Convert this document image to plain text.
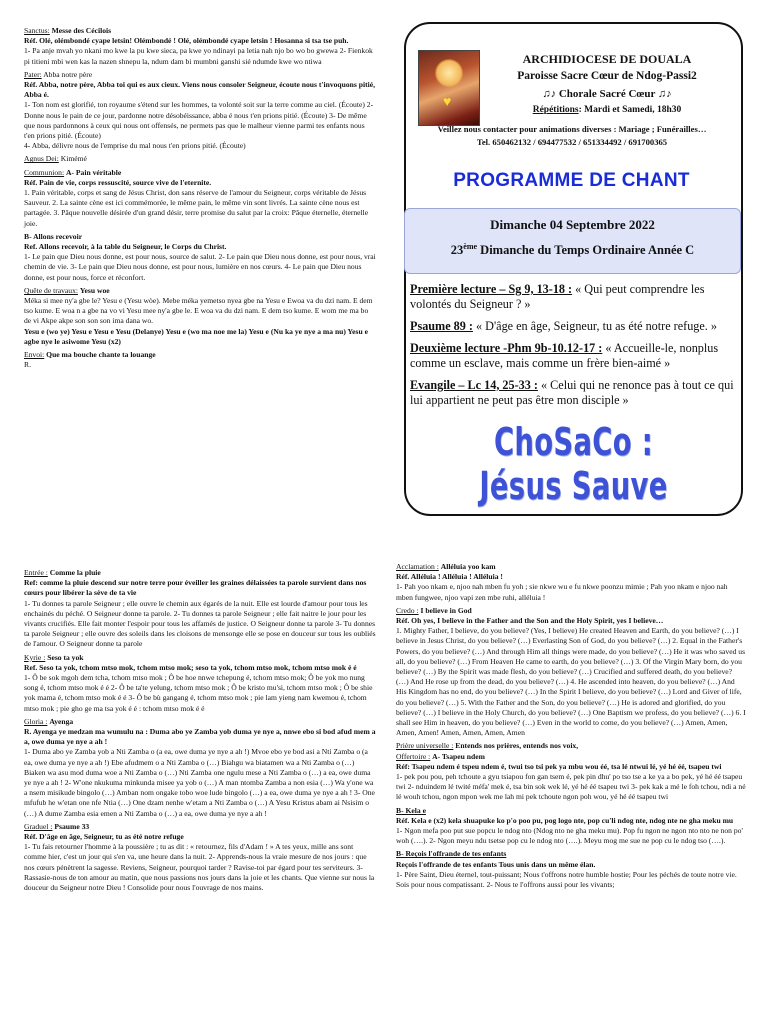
Sanctus: Messe des Cécilois
Réf. Olé, olémbondé cyape letsin! Olémbondé ! Olé, olémbondé cyape letsin ! Hosanna si tsa tse puh.
1- Pa anje mvah yo nkani mo kwe la pu kwe sieca, pa kwe yo ndinayi pa letia nah njo bo wo bo gwewa 2- Fienkok pi titieni mbi wen kas la nazen shnepu la, ndum dam bi mumbni ganshi sié ndumde kwe wo ntiwa

Pater: Abba notre père
Réf. Abba, notre père, Abba toi qui es aux cieux. Viens nous consoler Seigneur, écoute nous t'invoquons pitié, Abba é.
1- Ton nom est glorifié, ton royaume s'étend sur les hommes, ta volonté soit sur la terre comme au ciel. (Écoute) 2- Donne nous le pain de ce jour, pardonne notre désobéissance, abba é nous t'en prions pitié. (Écoute) 3- De même que nous pardonnons à ceux qui nous ont offensés, ne permets pas que le malheur vienne parmi tes enfants nous t'en prions pitié. (Écoute)
4- Abba, délivre nous de l'emprise du mal nous t'en prions pitié. (Écoute)

Agnus Dei: Kimémé

Communion: A- Pain véritable
Réf. Pain de vie, corps ressuscité, source vive de l'eternite.
1. Pain véritable, corps et sang de Jésus Christ, don sans réserve de l'amour du Seigneur, corps véritable de Jésus Sauveur. 2. La sainte cène est ici commémorée, le même pain, le même vin sont livrés. La sainte cène nous est partagée. 3. Pâque nouvelle désirée d'un grand désir, terre promise du salut par la croix: Pâque éternelle, éternelle joie.

B- Allons recevoir
Ref. Allons recevoir, à la table du Seigneur, le Corps du Christ.
1- Le pain que Dieu nous donne, est pour nous, source de salut. 2- Le pain que Dieu nous donne, est pour nous, vrai chemin de vie. 3- Le pain que Dieu nous donne, est pour nous, lumière en nos cœurs. 4- Le pain que Dieu nous donne, est pour nous, force et réconfort.

Quête de travaux: Yesu woe
Méka si mee ny'a gbe le? Yesu e (Yesu wòe). Mebe méka yemetso nyea gbe na Yesu e Ewoa va du dzi nam. E dem tso kume. E woa n a gbe na vo vi Yesu mee ny'a gbe le. E woa va du dzi nam. E dem tso kume. E wom me ma bo de vi Akpe akpe son son son ima dana wo.
Yesu e (wo ye) Yesu e Yesu e Yesu (Delanye) Yesu e (wo ma noe me la) Yesu e (Nu ka ye nye a ma nu) Yesu e agbe nye le asiwome Yesu (x2)

Envoi: Que ma bouche chante ta louange
R.

♥
ARCHIDIOCESE DE DOUALA
Paroisse Sacre Cœur de Ndog-Passi2
♫♪ Chorale Sacré Cœur ♫♪
Répétitions: Mardi et Samedi, 18h30
Veillez nous contacter pour animations diverses : Mariage ; Funérailles…
Tel. 650462132 / 694477532 / 651334492 / 691700365
PROGRAMME DE CHANT
Dimanche 04 Septembre 2022
23ème Dimanche du Temps Ordinaire Année C

Première lecture – Sg 9, 13-18 : « Qui peut comprendre les volontés du Seigneur ? »

Psaume 89 : « D'âge en âge, Seigneur, tu as été notre refuge. »

Deuxième lecture -Phm 9b-10.12-17 : « Accueille-le, nonplus comme un esclave, mais comme un frère bien-aimé »

Evangile – Lc 14, 25-33 : « Celui qui ne renonce pas à tout ce qui lui appartient ne peut pas être mon disciple »

ChoSaCo : Jésus Sauve

Entrée : Comme la pluie
Ref: comme la pluie descend sur notre terre pour éveiller les graines délaissées ta parole survient dans nos cœurs pour libérer la sève de ta vie
1- Tu donnes ta parole Seigneur ; elle ouvre le chemin aux égarés de la nuit. Elle est lourde d'amour pour tous les enchainés du péché. O Seigneur donne ta parole. 2- Tu donnes ta parole Seigneur ; elle fait naitre le jour pour les vivants crucifiés. Elle fait monter l'espoir pour tous les affamés de justice. O Seigneur donne ta parole 3- Tu donnes ta parole Seigneur ; elle ouvre des soleils dans les cloisons de mensonge elle se pose en douceur sur tous les oubliés de l'amour. O Seigneur donne ta parole

Kyrie : Seso ta yok
Ref. Seso ta yok, tchom mtso mok, tchom mtso mok; seso ta yok, tchom mtso mok, tchom mtso mok é é
1- Ô be sok mgoh dem tcha, tchom mtso mok ; Ô be hoe nnwe tchepung é, tchom mtso mok; Ô be yok mo nung song é, tchom mtso mok é é 2- Ô be ta'te yelung, tchom mtso mok ; Ô be kristo mu'si, tchom mtso mok ; Ô be shie yok mama é, tchom mtso mok é é 3- Ô be bù gangang é, tchom mtso mok ; pie lam yieng nam kwemou é, tchom mtso mok ; pie gho ge ma tsa yok é é : tchom mtso mok é é

Gloria : Ayenga
R. Ayenga ye medzan ma wumulu na : Duma abo ye Zamba yob duma ye nye a, nnwe ebo si bod afud mem a a, owe duma ye nye a ah !
1- Duma abo ye Zamba yob a Nti Zamba o (a ea, owe duma ye nye a ah !) Mvoe ebo ye bod asi a Nti Zamba o (a ea, owe duma ye nye a ah !) Ebe afudmem o a Nti Zamba o (…) Biahgu wa biatamen wa a Nti Zamba o (…) Biaken wa asu mod duma woe a Nti Zamba o (…) Nti Zamba one ngulu mese a Nti Zamba o (…) a ea, owe duma ye nye a ah ! 2- W'one nkukuma minkunda misee ya yob o (…) A man ntomba Zamba a non esia (…) Wa y'one wa a nsem misikude bingolo (…) Amban nom ongake tobo woe lude bingolo (…) a ea, owe duma ye nye a ah ! 3- One mfufub he w'etan one nfe Ntia (…) One dzam nenhe w'etam a Nti Zamba o (…) A Yesu Kristus abam ai Nsisim o (…) A dume Zamba esia emen a Nti Zamba o (…) a ea, owe duma ye nye a ah !

Graduel : Psaume 33
Réf. D'âge en âge, Seigneur, tu as été notre refuge
1- Tu fais retourner l'homme à la poussière ; tu as dit : « retournez, fils d'Adam ! » A tes yeux, mille ans sont comme hier, c'est un jour qui s'en va, une heure dans la nuit. 2- Apprends-nous la vraie mesure de nos jours : que nos cœurs pénètrent la sagesse. Reviens, Seigneur, pourquoi tarder ? Ravise-toi par égard pour tes serviteurs. 3- Rassasie-nous de ton amour au matin, que nous passions nos jours dans la joie et les chants. Que vienne sur nous la douceur du Seigneur notre Dieu ! Consolide pour nous l'ouvrage de nos mains.

Acclamation : Alléluia yoo kam
Réf. Alléluia ! Alléluia ! Alléluia !
1- Pah yoo nkam e, njoo nah mben fu yoh ; sie nkwe wu e fu nkwe poonzu mimie ; Pah yoo nkam e njoo nah mben fungwee, njoo vapi zen mbe ruhi, alléluia !

Credo : I believe in God
Réf. Oh yes, I believe in the Father and the Son and the Holy Spirit, yes I believe…
1. Mighty Father, I believe, do you believe? (Yes, I believe) He created Heaven and Earth, do you believe? (…) I believe in Jesus Christ, do you believe? (…) Everlasting Son of God, do you believe? (…) 2. Equal in the Father's Powers, do you believe? (…) And through Him all things were made, do you believe? (…) He it was who saved us all, do you believe? (…) From Heaven He came to earth, do you believe? (…) 3. Of the Virgin Mary born, do you believe? (…) By the Spirit was made flesh, do you believe? (…) Crucified and suffered death, do you believe? (…) And He rose up from the dead, do you believe? (…) 4. He ascended into heaven, do you believe? (…) And His Kingdom has no end, do you believe? (…) In the Spirit I believe, do you believe? (…) Lord and Giver of life, do you believe? (…) 5. With the Father and the Son, do you believe? (…) He is adored and glorified, do you believe? (…) I believe in the Holy Church, do you believe? (…) One Baptism we profess, do you believe? (…) 6. I shall see Him in heaven, do you believe? (…) Even in the world to come, do you believe? (…) Amen, Amen, Amen, Amen! Amen, Amen, Amen, Amen

Prière universelle : Entends nos prières, entends nos voix,
Offertoire : A- Tsapeu ndem
Réf: Tsapeu ndem é tspeu ndem é, twui tso tsi pek ya mbu wou éé, tsa lé ntwui lé, yé hé éé, tsapeu twi
1- pek pou pou, peh tchoute a gyu tsiapou fon gan tsem é, pek pin dhu' po tso tse a ke ya a bo pek, yé hé éé tsapeu twi 2- nduindem lé twité méfa' mek é, tsa bin sok wek lé, yé hé éé tsapeu twi 3- pek kak a mé le foh tchou, ndi a né lé wouh tchou, ngon mpon wek me lah mi pek tchoute ngon poh wou, yé hé éé tsapeu twi

B- Kela e
Réf. Kela e (x2) kela shuapuke ko p'o poo pu, pog logo nte, pop cu'li ndog nte, ndog nte ne gha meku mu
1- Ngon mefa poo put sue popcu le ndog nto (Ndog nto ne gha meku mu). Pop fu ngon ne ngon nto nto ne non po' woh (….). 2- Ngon meyu ndu tsetse pop cu le ndog nto (….). Meyu mog me sue ne pop cu le ndog tso (….).

B- Reçois l'offrande de tes enfants
Reçois l'offrande de tes enfants Tous unis dans un même élan.
1- Père Saint, Dieu éternel, tout-puissant; Nous t'offrons notre humble hostie; Pour les péchés de toute notre vie. Sois pour nous compatissant. 2- Nous te l'offrons aussi pour les vivants;
